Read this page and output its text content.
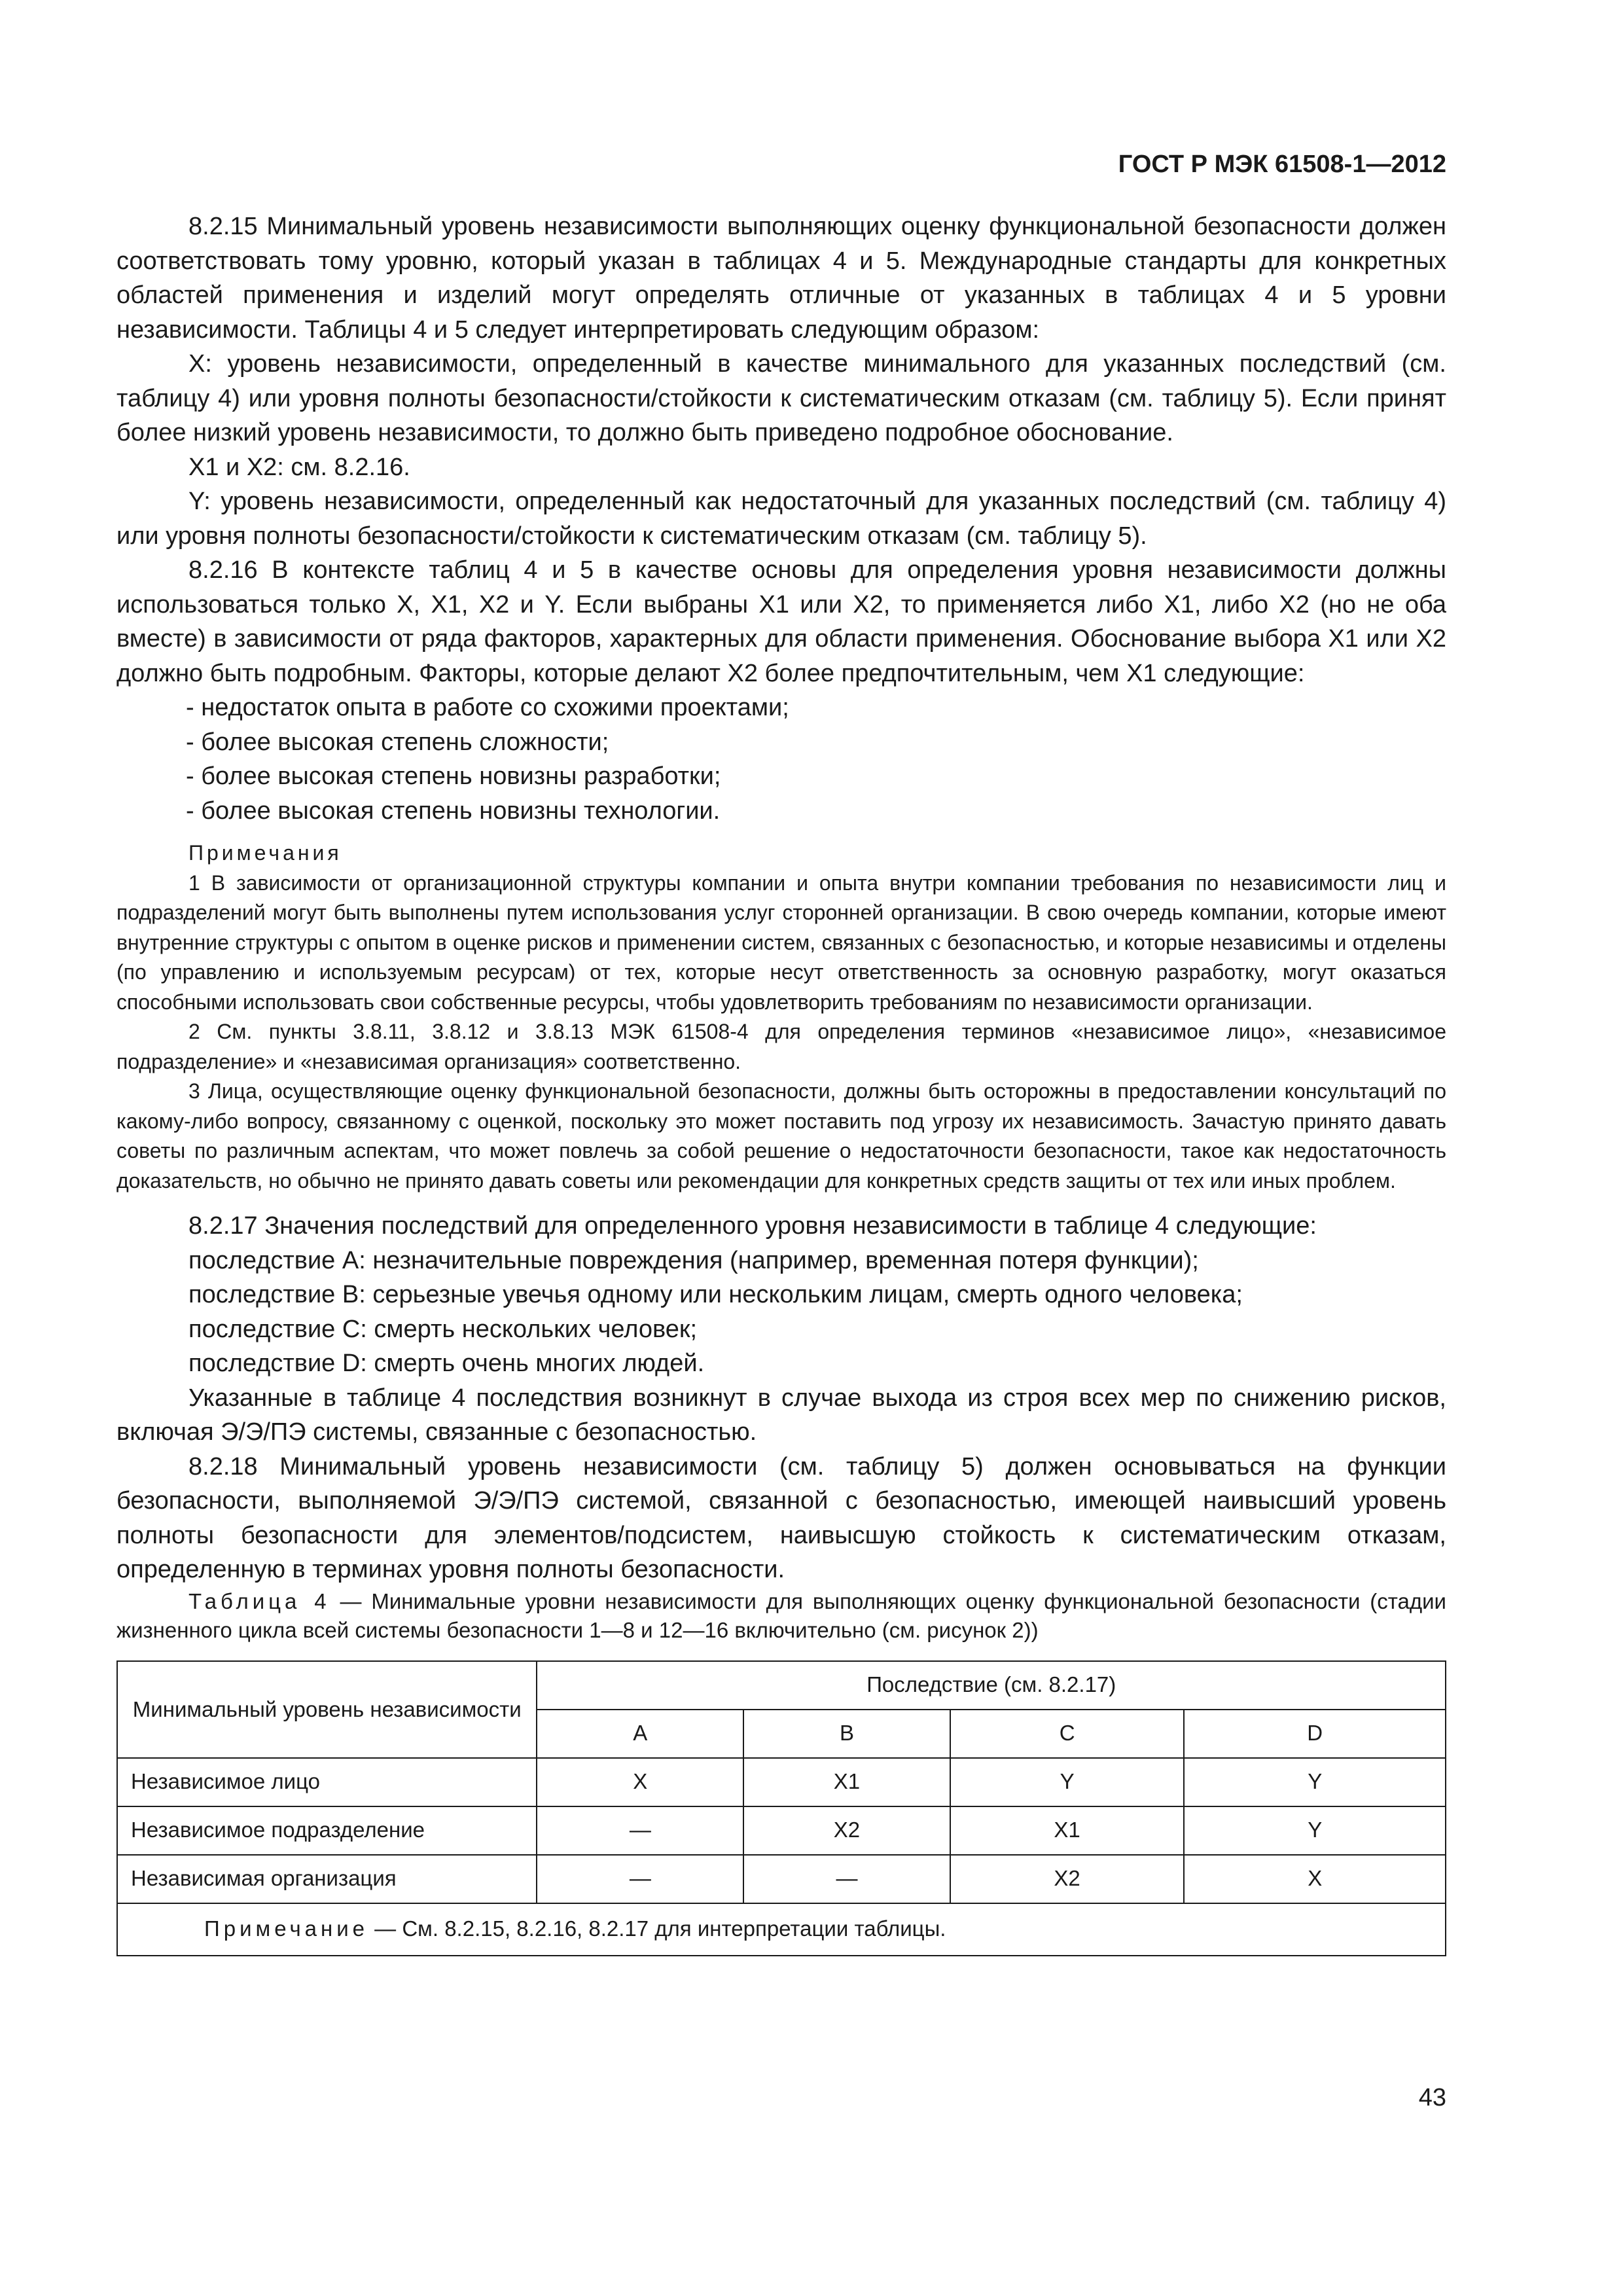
ГОСТ Р МЭК 61508-1—2012

8.2.15 Минимальный уровень независимости выполняющих оценку функциональной безопасности должен соответствовать тому уровню, который указан в таблицах 4 и 5. Международные стандарты для конкретных областей применения и изделий могут определять отличные от указанных в таблицах 4 и 5 уровни независимости. Таблицы 4 и 5 следует интерпретировать следующим образом:

X: уровень независимости, определенный в качестве минимального для указанных последствий (см. таблицу 4) или уровня полноты безопасности/стойкости к систематическим отказам (см. таблицу 5). Если принят более низкий уровень независимости, то должно быть приведено подробное обоснование.

X1 и X2: см. 8.2.16.

Y: уровень независимости, определенный как недостаточный для указанных последствий (см. таблицу 4) или уровня полноты безопасности/стойкости к систематическим отказам (см. таблицу 5).

8.2.16 В контексте таблиц 4 и 5 в качестве основы для определения уровня независимости должны использоваться только X, X1, X2 и Y. Если выбраны X1 или X2, то применяется либо X1, либо X2 (но не оба вместе) в зависимости от ряда факторов, характерных для области применения. Обоснование выбора X1 или X2 должно быть подробным. Факторы, которые делают X2 более предпочтительным, чем X1 следующие:

- недостаток опыта в работе со схожими проектами;

- более высокая степень сложности;

- более высокая степень новизны разработки;

- более высокая степень новизны технологии.

Примечания

1 В зависимости от организационной структуры компании и опыта внутри компании требования по независимости лиц и подразделений могут быть выполнены путем использования услуг сторонней организации. В свою очередь компании, которые имеют внутренние структуры с опытом в оценке рисков и применении систем, связанных с безопасностью, и которые независимы и отделены (по управлению и используемым ресурсам) от тех, которые несут ответственность за основную разработку, могут оказаться способными использовать свои собственные ресурсы, чтобы удовлетворить требованиям по независимости организации.

2 См. пункты 3.8.11, 3.8.12 и 3.8.13 МЭК 61508-4 для определения терминов «независимое лицо», «независимое подразделение» и «независимая организация» соответственно.

3 Лица, осуществляющие оценку функциональной безопасности, должны быть осторожны в предоставлении консультаций по какому-либо вопросу, связанному с оценкой, поскольку это может поставить под угрозу их независимость. Зачастую принято давать советы по различным аспектам, что может повлечь за собой решение о недостаточности безопасности, такое как недостаточность доказательств, но обычно не принято давать советы или рекомендации для конкретных средств защиты от тех или иных проблем.

8.2.17 Значения последствий для определенного уровня независимости в таблице 4 следующие:

последствие A: незначительные повреждения (например, временная потеря функции);

последствие B: серьезные увечья одному или нескольким лицам, смерть одного человека;

последствие C: смерть нескольких человек;

последствие D: смерть очень многих людей.

Указанные в таблице 4 последствия возникнут в случае выхода из строя всех мер по снижению рисков, включая Э/Э/ПЭ системы, связанные с безопасностью.

8.2.18 Минимальный уровень независимости (см. таблицу 5) должен основываться на функции безопасности, выполняемой Э/Э/ПЭ системой, связанной с безопасностью, имеющей наивысший уровень полноты безопасности для элементов/подсистем, наивысшую стойкость к систематическим отказам, определенную в терминах уровня полноты безопасности.

Таблица 4 — Минимальные уровни независимости для выполняющих оценку функциональной безопасности (стадии жизненного цикла всей системы безопасности 1—8 и 12—16 включительно (см. рисунок 2))

Минимальный уровень независимости	Последствие (см. 8.2.17)			
	A	B	C	D
Независимое лицо	X	X1	Y	Y
Независимое подразделение	—	X2	X1	Y
Независимая организация	—	—	X2	X
Примечание — См. 8.2.15, 8.2.16, 8.2.17 для интерпретации таблицы.				
43
